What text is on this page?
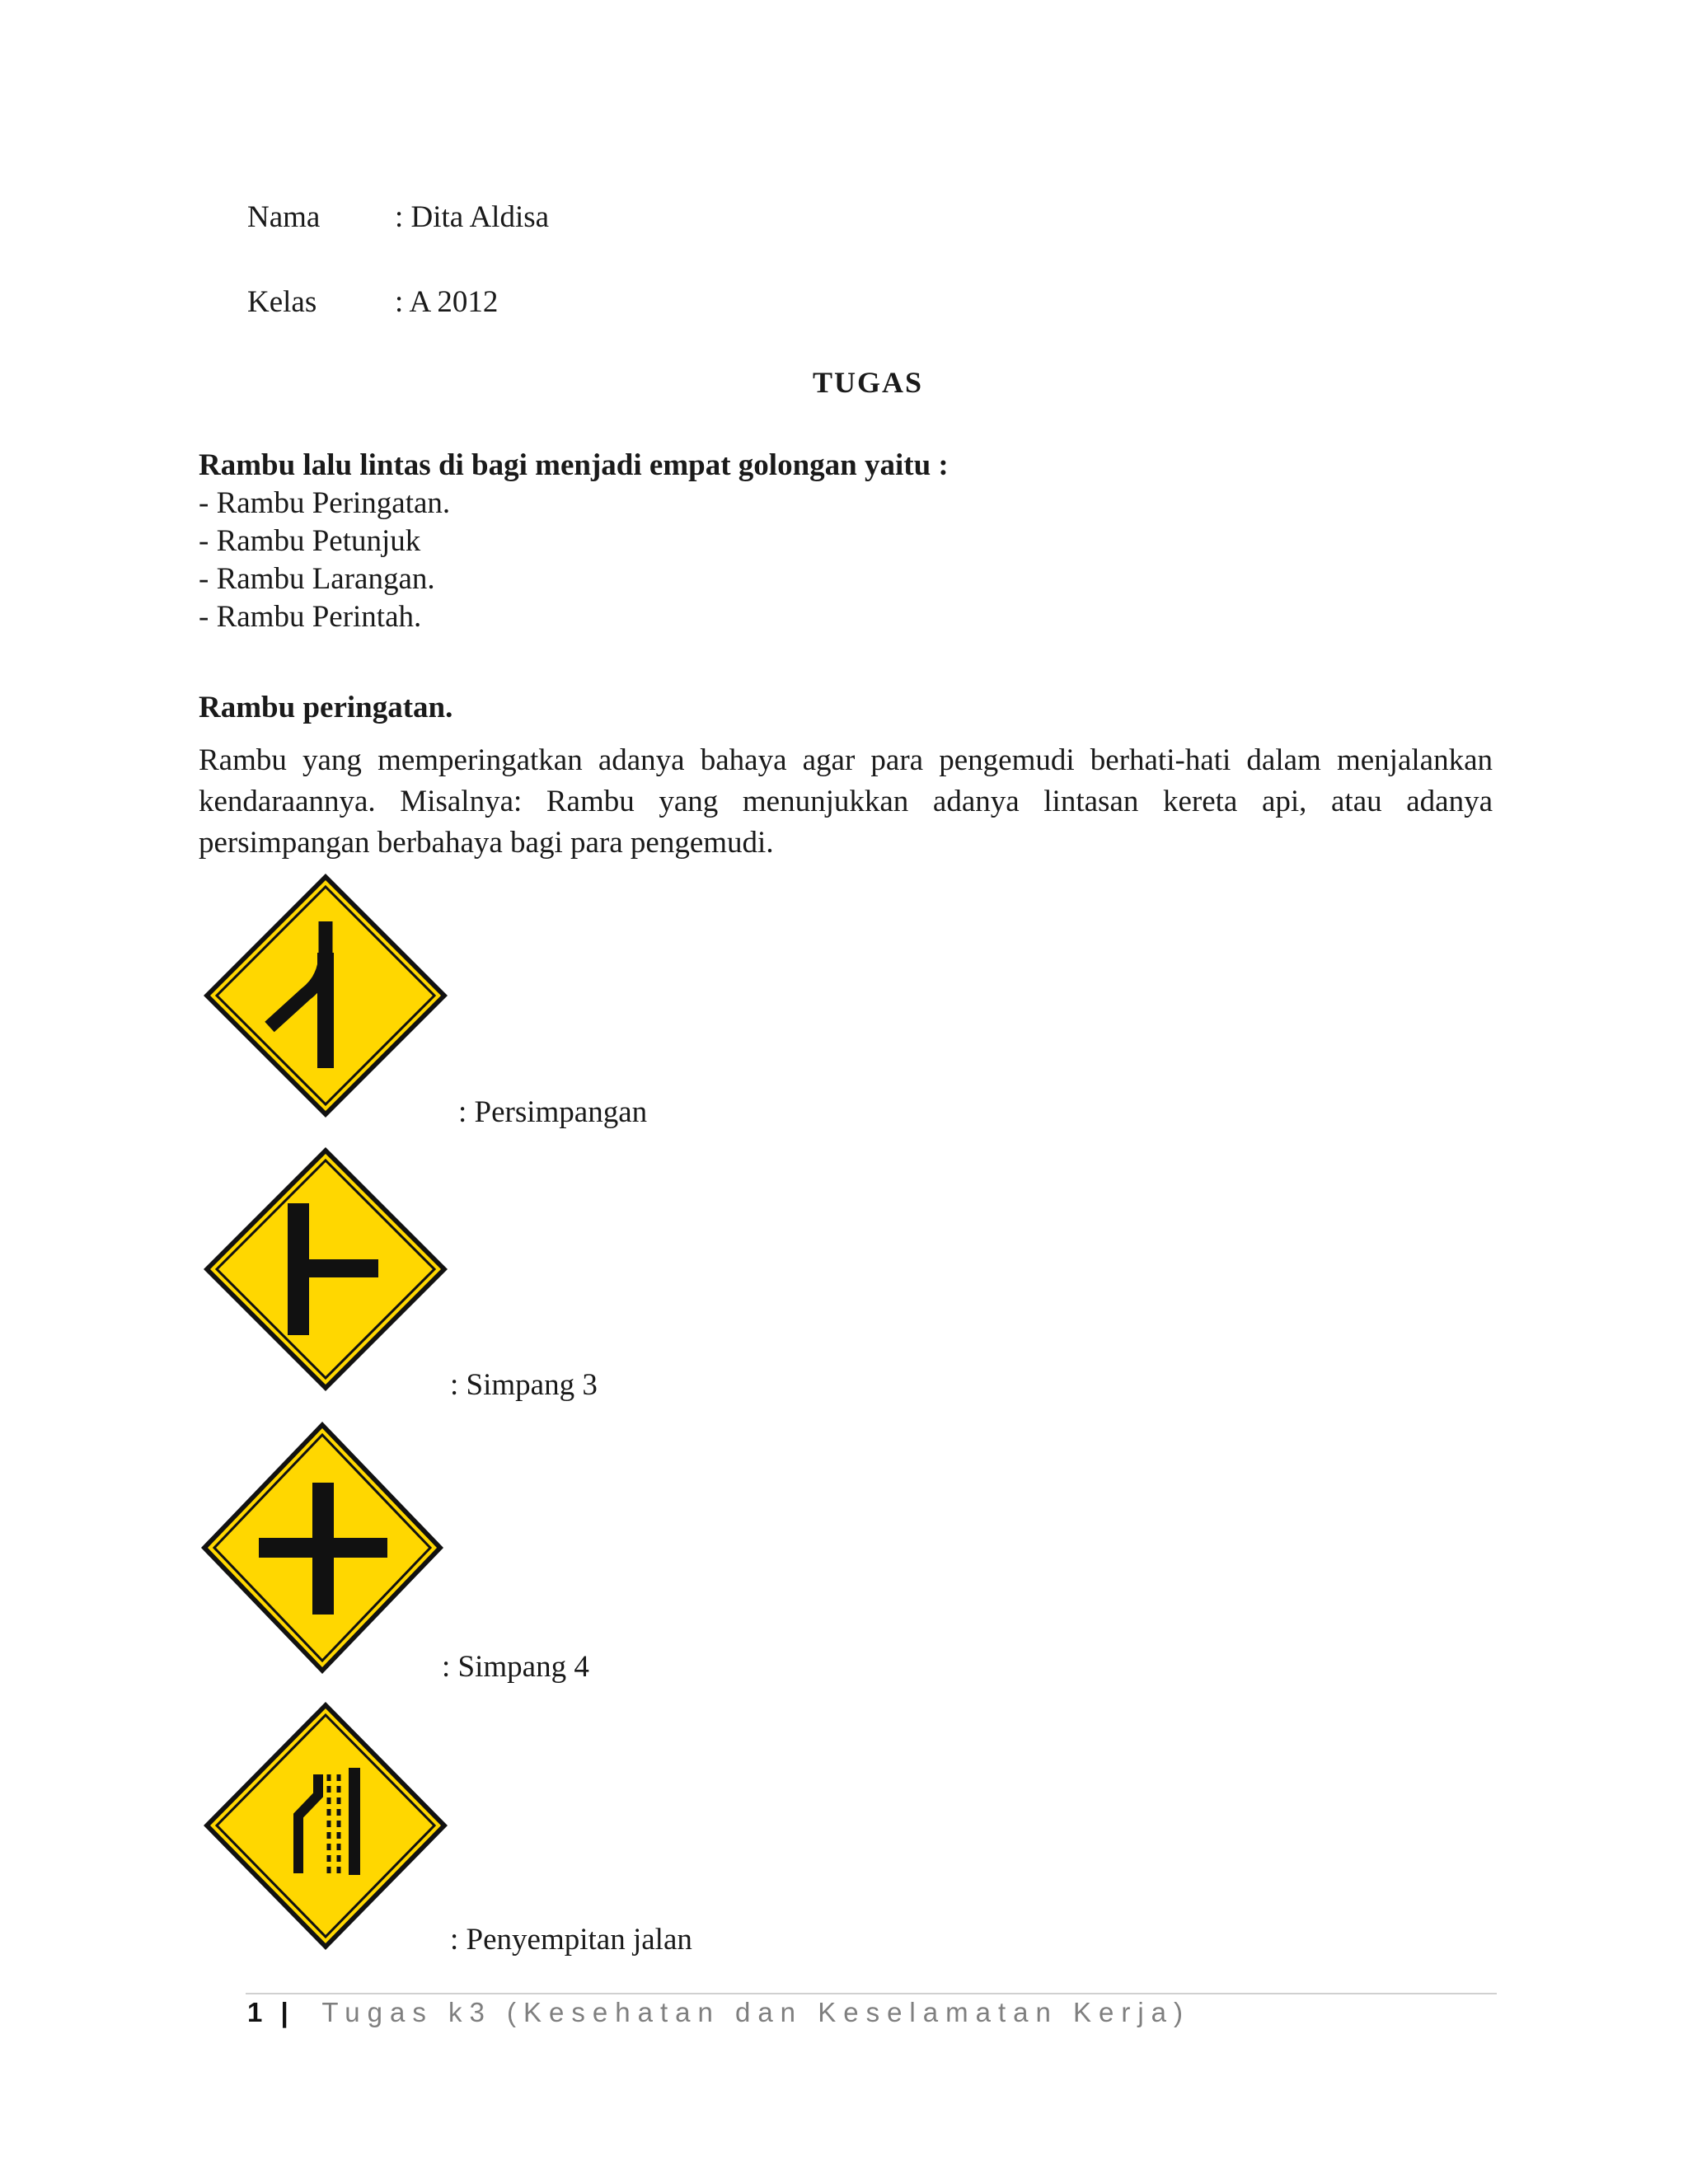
Nama : Dita Aldisa
Kelas	: A 2012
TUGAS
Rambu lalu lintas di bagi menjadi empat golongan yaitu :
- Rambu Peringatan.
- Rambu Petunjuk
- Rambu Larangan.
- Rambu Perintah.
Rambu peringatan.
Rambu yang memperingatkan adanya bahaya agar para pengemudi berhati-hati dalam menjalankan kendaraannya. Misalnya: Rambu yang menunjukkan adanya lintasan kereta api, atau adanya persimpangan berbahaya bagi para pengemudi.
: Persimpangan
: Simpang 3
: Simpang 4
: Penyempitan jalan
1 | Tugas k3 (Kesehatan dan Keselamatan Kerja)
